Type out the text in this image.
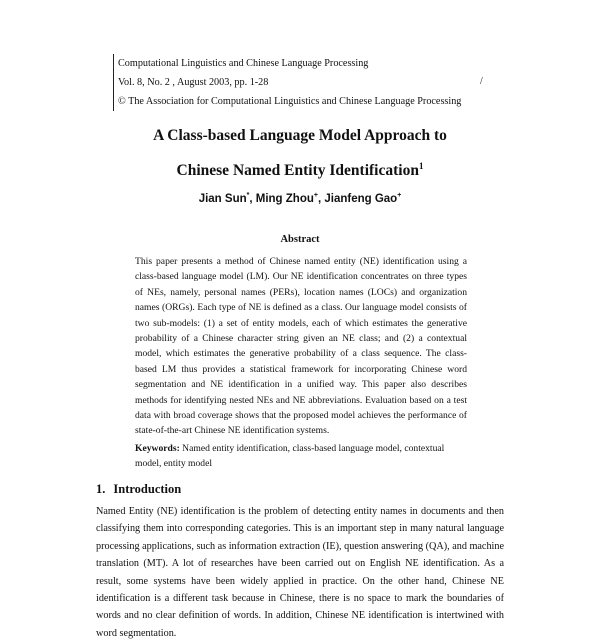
Computational Linguistics and Chinese Language Processing
Vol. 8, No. 2 , August 2003, pp. 1-28
© The Association for Computational Linguistics and Chinese Language Processing
/
A Class-based Language Model Approach to
Chinese Named Entity Identification$^1$
Jian Sun*, Ming Zhou+, Jianfeng Gao+
Abstract
This paper presents a method of Chinese named entity (NE) identification using a class-based language model (LM). Our NE identification concentrates on three types of NEs, namely, personal names (PERs), location names (LOCs) and organization names (ORGs). Each type of NE is defined as a class. Our language model consists of two sub-models: (1) a set of entity models, each of which estimates the generative probability of a Chinese character string given an NE class; and (2) a contextual model, which estimates the generative probability of a class sequence. The class-based LM thus provides a statistical framework for incorporating Chinese word segmentation and NE identification in a unified way. This paper also describes methods for identifying nested NEs and NE abbreviations. Evaluation based on a test data with broad coverage shows that the proposed model achieves the performance of state-of-the-art Chinese NE identification systems.
Keywords: Named entity identification, class-based language model, contextual model, entity model
1. Introduction
Named Entity (NE) identification is the problem of detecting entity names in documents and then classifying them into corresponding categories. This is an important step in many natural language processing applications, such as information extraction (IE), question answering (QA), and machine translation (MT). A lot of researches have been carried out on English NE identification. As a result, some systems have been widely applied in practice. On the other hand, Chinese NE identification is a different task because in Chinese, there is no space to mark the boundaries of words and no clear definition of words. In addition, Chinese NE identification is intertwined with word segmentation.
